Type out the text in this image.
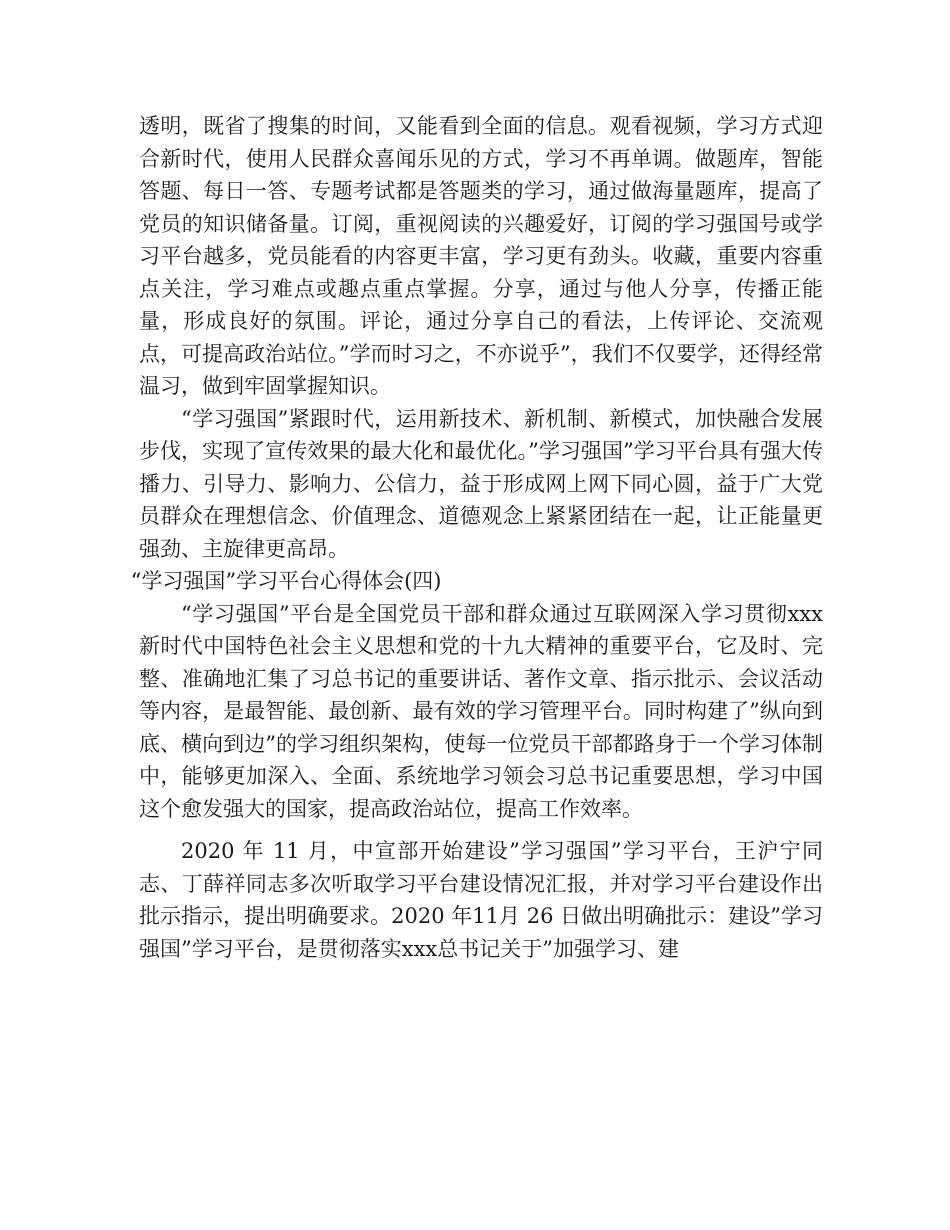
透明，既省了搜集的时间，又能看到全面的信息。观看视频，学习方式迎合新时代，使用人民群众喜闻乐见的方式，学习不再单调。做题库，智能答题、每日一答、专题考试都是答题类的学习，通过做海量题库，提高了党员的知识储备量。订阅，重视阅读的兴趣爱好，订阅的学习强国号或学习平台越多，党员能看的内容更丰富，学习更有劲头。收藏，重要内容重点关注，学习难点或趣点重点掌握。分享，通过与他人分享，传播正能量，形成良好的氛围。评论，通过分享自己的看法，上传评论、交流观点，可提高政治站位。”学而时习之，不亦说乎”，我们不仅要学，还得经常温习，做到牢固掌握知识。

“学习强国”紧跟时代，运用新技术、新机制、新模式，加快融合发展步伐，实现了宣传效果的最大化和最优化。”学习强国”学习平台具有强大传播力、引导力、影响力、公信力，益于形成网上网下同心圆，益于广大党员群众在理想信念、价值理念、道德观念上紧紧团结在一起，让正能量更强劲、主旋律更高昂。

“学习强国”学习平台心得体会(四)

“学习强国”平台是全国党员干部和群众通过互联网深入学习贯彻xxx新时代中国特色社会主义思想和党的十九大精神的重要平台，它及时、完整、准确地汇集了习总书记的重要讲话、著作文章、指示批示、会议活动等内容，是最智能、最创新、最有效的学习管理平台。同时构建了”纵向到底、横向到边”的学习组织架构，使每一位党员干部都路身于一个学习体制中，能够更加深入、全面、系统地学习领会习总书记重要思想，学习中国这个愈发强大的国家，提高政治站位，提高工作效率。

2020 年 11 月，中宣部开始建设”学习强国”学习平台，王沪宁同志、丁薛祥同志多次听取学习平台建设情况汇报，并对学习平台建设作出批示指示，提出明确要求。2020 年11月 26 日做出明确批示：建设”学习强国”学习平台，是贯彻落实xxx总书记关于”加强学习、建
